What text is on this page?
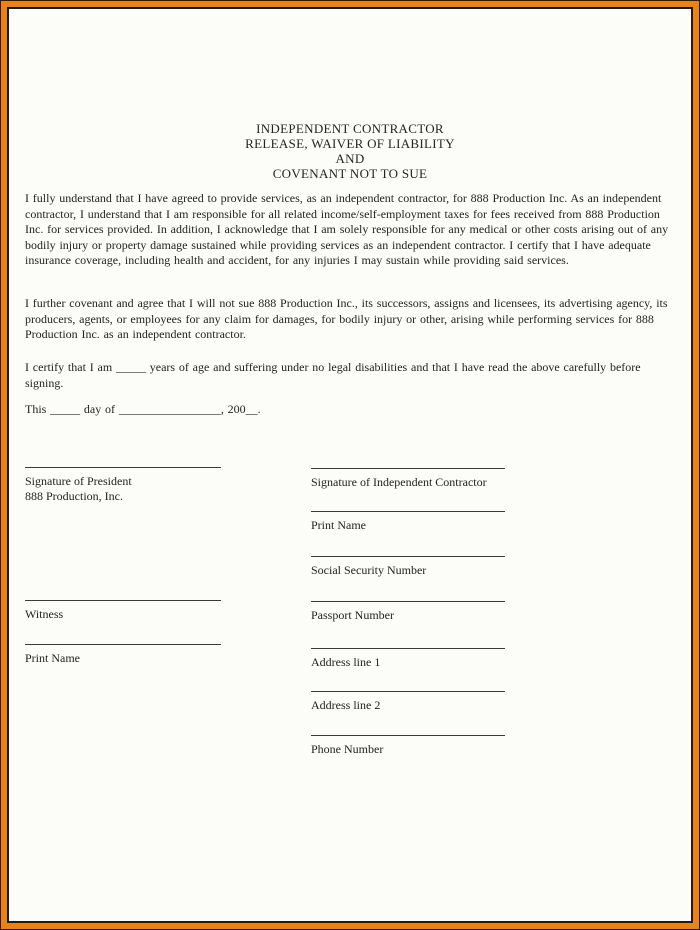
INDEPENDENT CONTRACTOR
RELEASE, WAIVER OF LIABILITY
AND
COVENANT NOT TO SUE
I fully understand that I have agreed to provide services, as an independent contractor, for 888 Production Inc. As an independent contractor, I understand that I am responsible for all related income/self-employment taxes for fees received from 888 Production Inc. for services provided. In addition, I acknowledge that I am solely responsible for any medical or other costs arising out of any bodily injury or property damage sustained while providing services as an independent contractor. I certify that I have adequate insurance coverage, including health and accident, for any injuries I may sustain while providing said services.
I further covenant and agree that I will not sue 888 Production Inc., its successors, assigns and licensees, its advertising agency, its producers, agents, or employees for any claim for damages, for bodily injury or other, arising while performing services for 888 Production Inc. as an independent contractor.
I certify that I am _____ years of age and suffering under no legal disabilities and that I have read the above carefully before signing.
This _____ day of _________________, 200__.
Signature of President
888 Production, Inc.
Witness
Print Name
Signature of Independent Contractor
Print Name
Social Security Number
Passport Number
Address line 1
Address line 2
Phone Number
